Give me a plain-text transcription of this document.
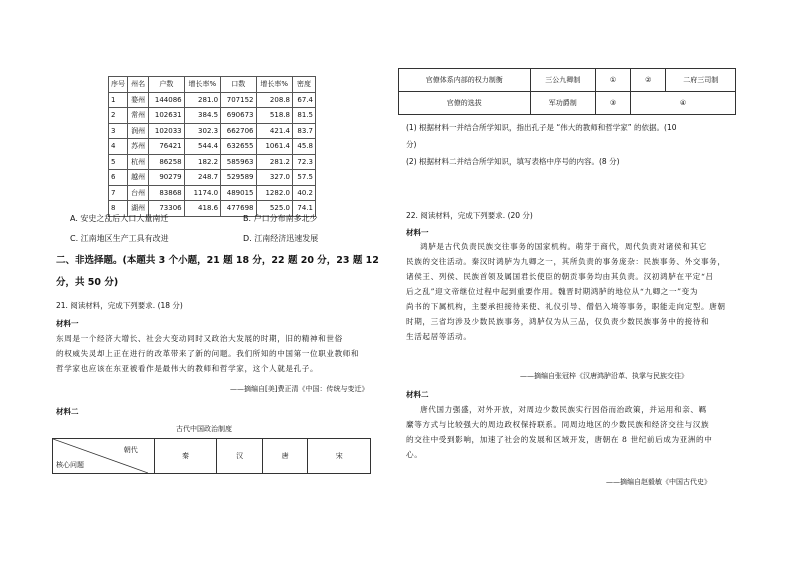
序号	州名	户数	增长率%	口数	增长率%	密度
1	婺州	144086	281.0	707152	208.8	67.4
2	常州	102631	384.5	690673	518.8	81.5
3	润州	102033	302.3	662706	421.4	83.7
4	苏州	76421	544.4	632655	1061.4	45.8
5	杭州	86258	182.2	585963	281.2	72.3
6	越州	90279	248.7	529589	327.0	57.5
7	台州	83868	1174.0	489015	1282.0	40.2
8	湖州	73306	418.6	477698	525.0	74.1
A. 安史之乱后人口大量南迁	B. 户口分布南多北少
C. 江南地区生产工具有改进	D. 江南经济迅速发展
二、非选择题。(本题共 3 个小题，21 题 18 分，22 题 20 分，23 题 12
分，共 50 分)
21. 阅读材料，完成下列要求. (18 分)
材料一
东周是一个经济大增长、社会大变动同时又政治大发展的时期，旧的精神和世俗
的权威失灵却上正在进行的改革带来了新的问题。我们所知的中国第一位职业教师和
哲学家也应该在东亚被看作是最伟大的教师和哲学家，这个人就是孔子。
——摘编自[美]费正清《中国：传统与变迁》
材料二
古代中国政治制度
朝代
核心问题
	秦	汉	唐	宋
官僚体系内部的权力制衡	三公九卿制	①	②	二府三司制
官僚的选拔	军功爵制	③	④	
(1) 根据材料一并结合所学知识，指出孔子是 “伟大的教师和哲学家” 的依据。(10
分)
(2) 根据材料二并结合所学知识，填写表格中序号的内容。(8 分)
22. 阅读材料，完成下列要求. (20 分)
材料一
鸿胪是古代负责民族交往事务的国家机构。萌芽于商代，周代负责对诸侯和其它
民族的交往活动。秦汉时鸿胪为九卿之一，其所负责的事务庞杂：民族事务、外交事务，
诸侯王、列侯、民族首领及属国君长使臣的朝贡事务均由其负责。汉初鸿胪在平定“吕
后之乱”迎文帝继位过程中起到重要作用。魏晋时期鸿胪的地位从“九卿之一”变为
尚书的下属机构，主要承担接待来使、礼仪引导、僧侣入境等事务，职能走向定型。唐朝
时期，三省均涉及少数民族事务，鸿胪仅为从三品，仅负责少数民族事务中的接待和
生活起居等活动。
——摘编自张冠梓《汉唐鸿胪沿革、执掌与民族交往》
材料二
唐代国力强盛，对外开放，对周边少数民族实行因俗而治政策，并运用和亲、羁
縻等方式与比较强大的周边政权保持联系。同周边地区的少数民族和经济交往与汉族
的交往中受到影响，加速了社会的发展和区域开发，唐朝在 8 世纪前后成为亚洲的中
心。
——摘编自赵毅敏《中国古代史》
